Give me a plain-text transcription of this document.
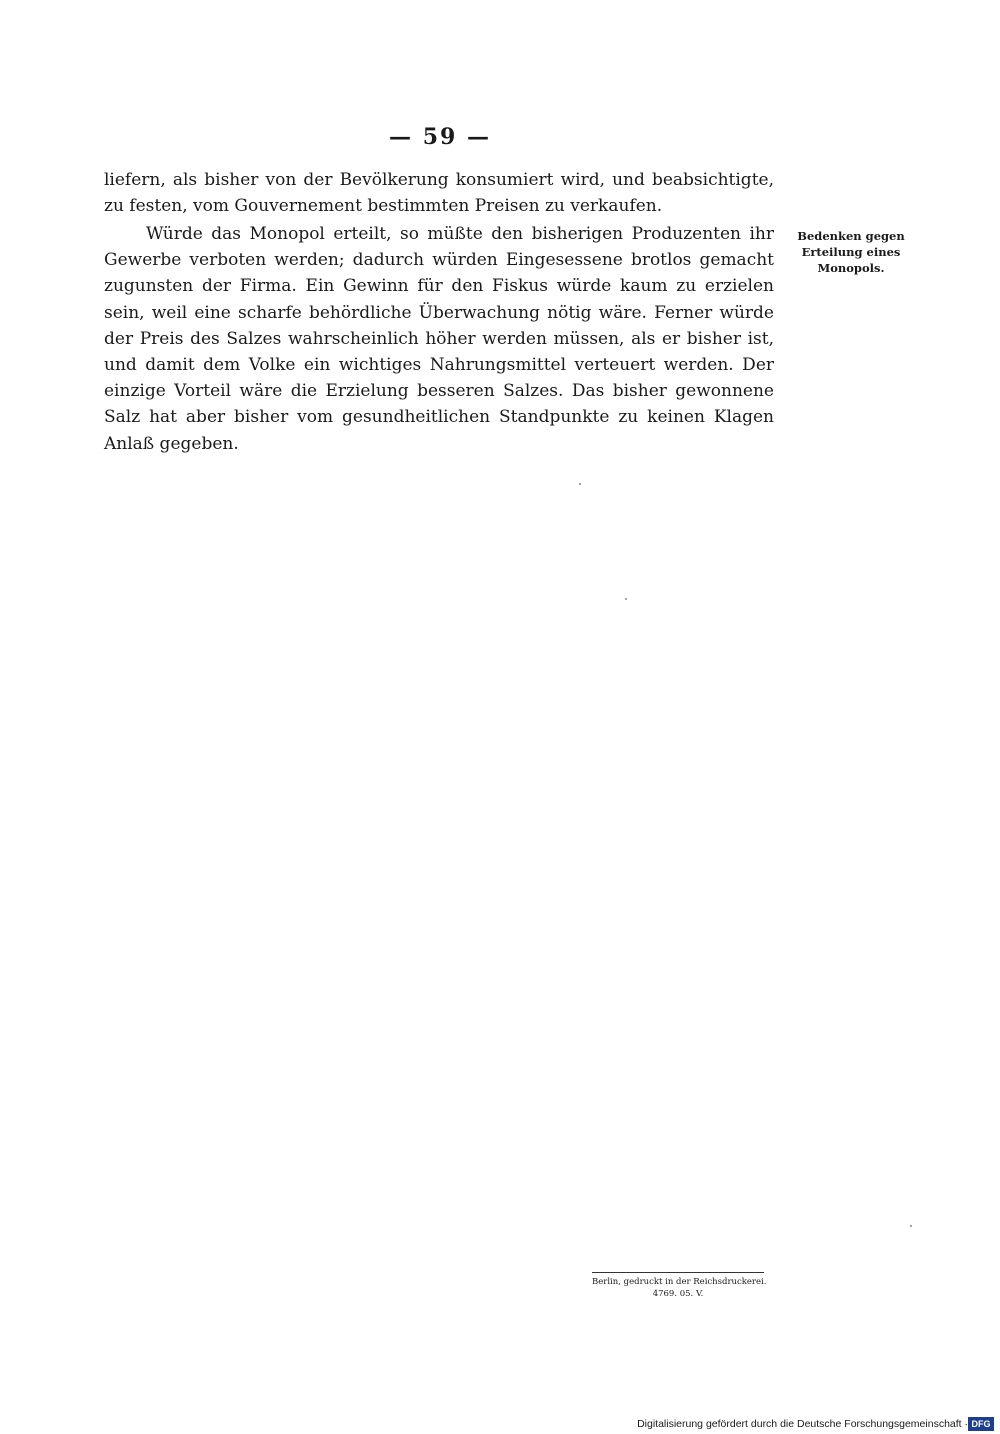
— 59 —
liefern, als bisher von der Bevölkerung konsumiert wird, und beabsichtigte, zu festen, vom Gouvernement bestimmten Preisen zu verkaufen.
Würde das Monopol erteilt, so müßte den bisherigen Produzenten ihr Gewerbe verboten werden; dadurch würden Eingesessene brotlos gemacht zugunsten der Firma. Ein Gewinn für den Fiskus würde kaum zu erzielen sein, weil eine scharfe behördliche Überwachung nötig wäre. Ferner würde der Preis des Salzes wahrscheinlich höher werden müssen, als er bisher ist, und damit dem Volke ein wichtiges Nahrungsmittel verteuert werden. Der einzige Vorteil wäre die Erzielung besseren Salzes. Das bisher gewonnene Salz hat aber bisher vom gesundheitlichen Standpunkte zu keinen Klagen Anlaß gegeben.
Bedenken gegen Erteilung eines Monopols.
Berlin, gedruckt in der Reichsdruckerei.
4769. 05. V.
Digitalisierung gefördert durch die Deutsche Forschungsgemeinschaft · DFG
